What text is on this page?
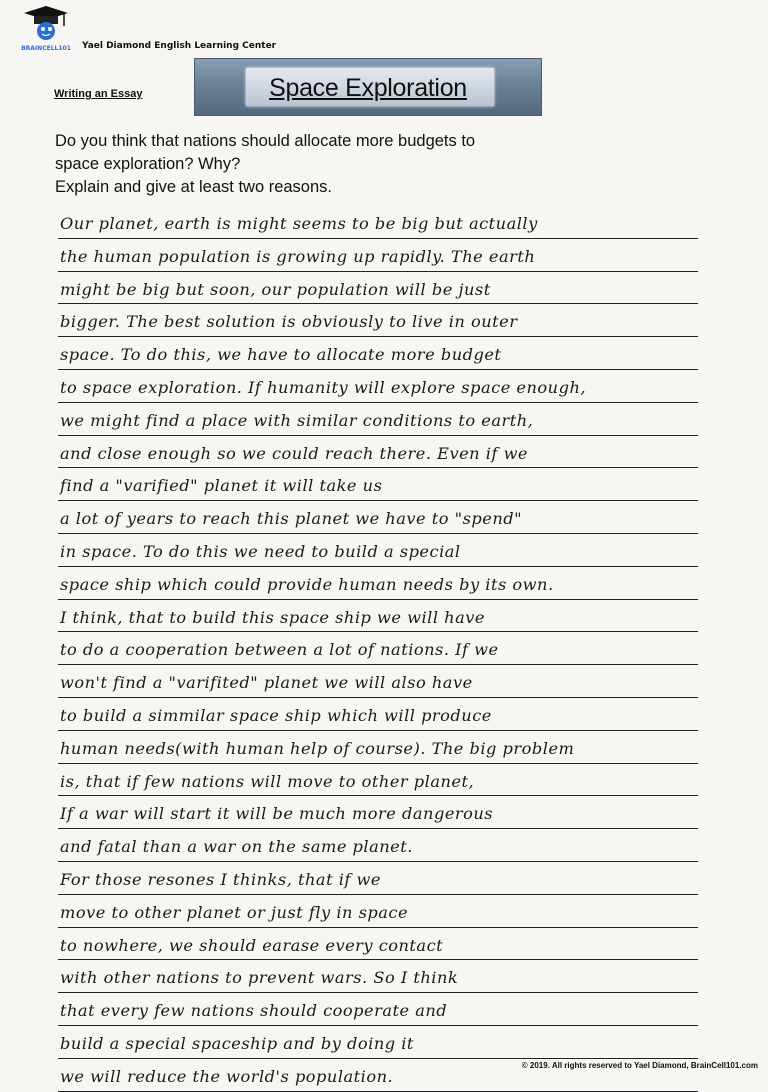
BRAINCELL101 Yael Diamond English Learning Center
Writing an Essay	Space Exploration
Do you think that nations should allocate more budgets to
space exploration? Why?
Explain and give at least two reasons.
Our planet, earth is might seems to be big but actually
the human population is growing up rapidly. The earth
might be big but soon, our population will be just
bigger. The best solution is obviously to live in outer
space. To do this, we have to allocate more budget
to space exploration. If humanity will explore space enough,
we might find a place with similar conditions to earth,
and close enough so we could reach there. Even if we
find a "varified" planet it will take us
a lot of years to reach this planet we have to "spend"
in space. To do this we need to build a special
space ship which could provide human needs by its own.
I think, that to build this space ship we will have
to do a cooperation between a lot of nations. If we
won't find a "varifited" planet we will also have
to build a simmilar space ship which will produce
human needs(with human help of course). The big problem
is, that if few nations will move to other planet,
If a war will start it will be much more dangerous
and fatal than a war on the same planet.
For those resones I thinks, that if we
move to other planet or just fly in space
to nowhere, we should earase every contact
with other nations to prevent wars. So I think
that every few nations should cooperate and
build a special spaceship and by doing it
we will reduce the world's population.
© 2019. All rights reserved to Yael Diamond, BrainCell101.com
